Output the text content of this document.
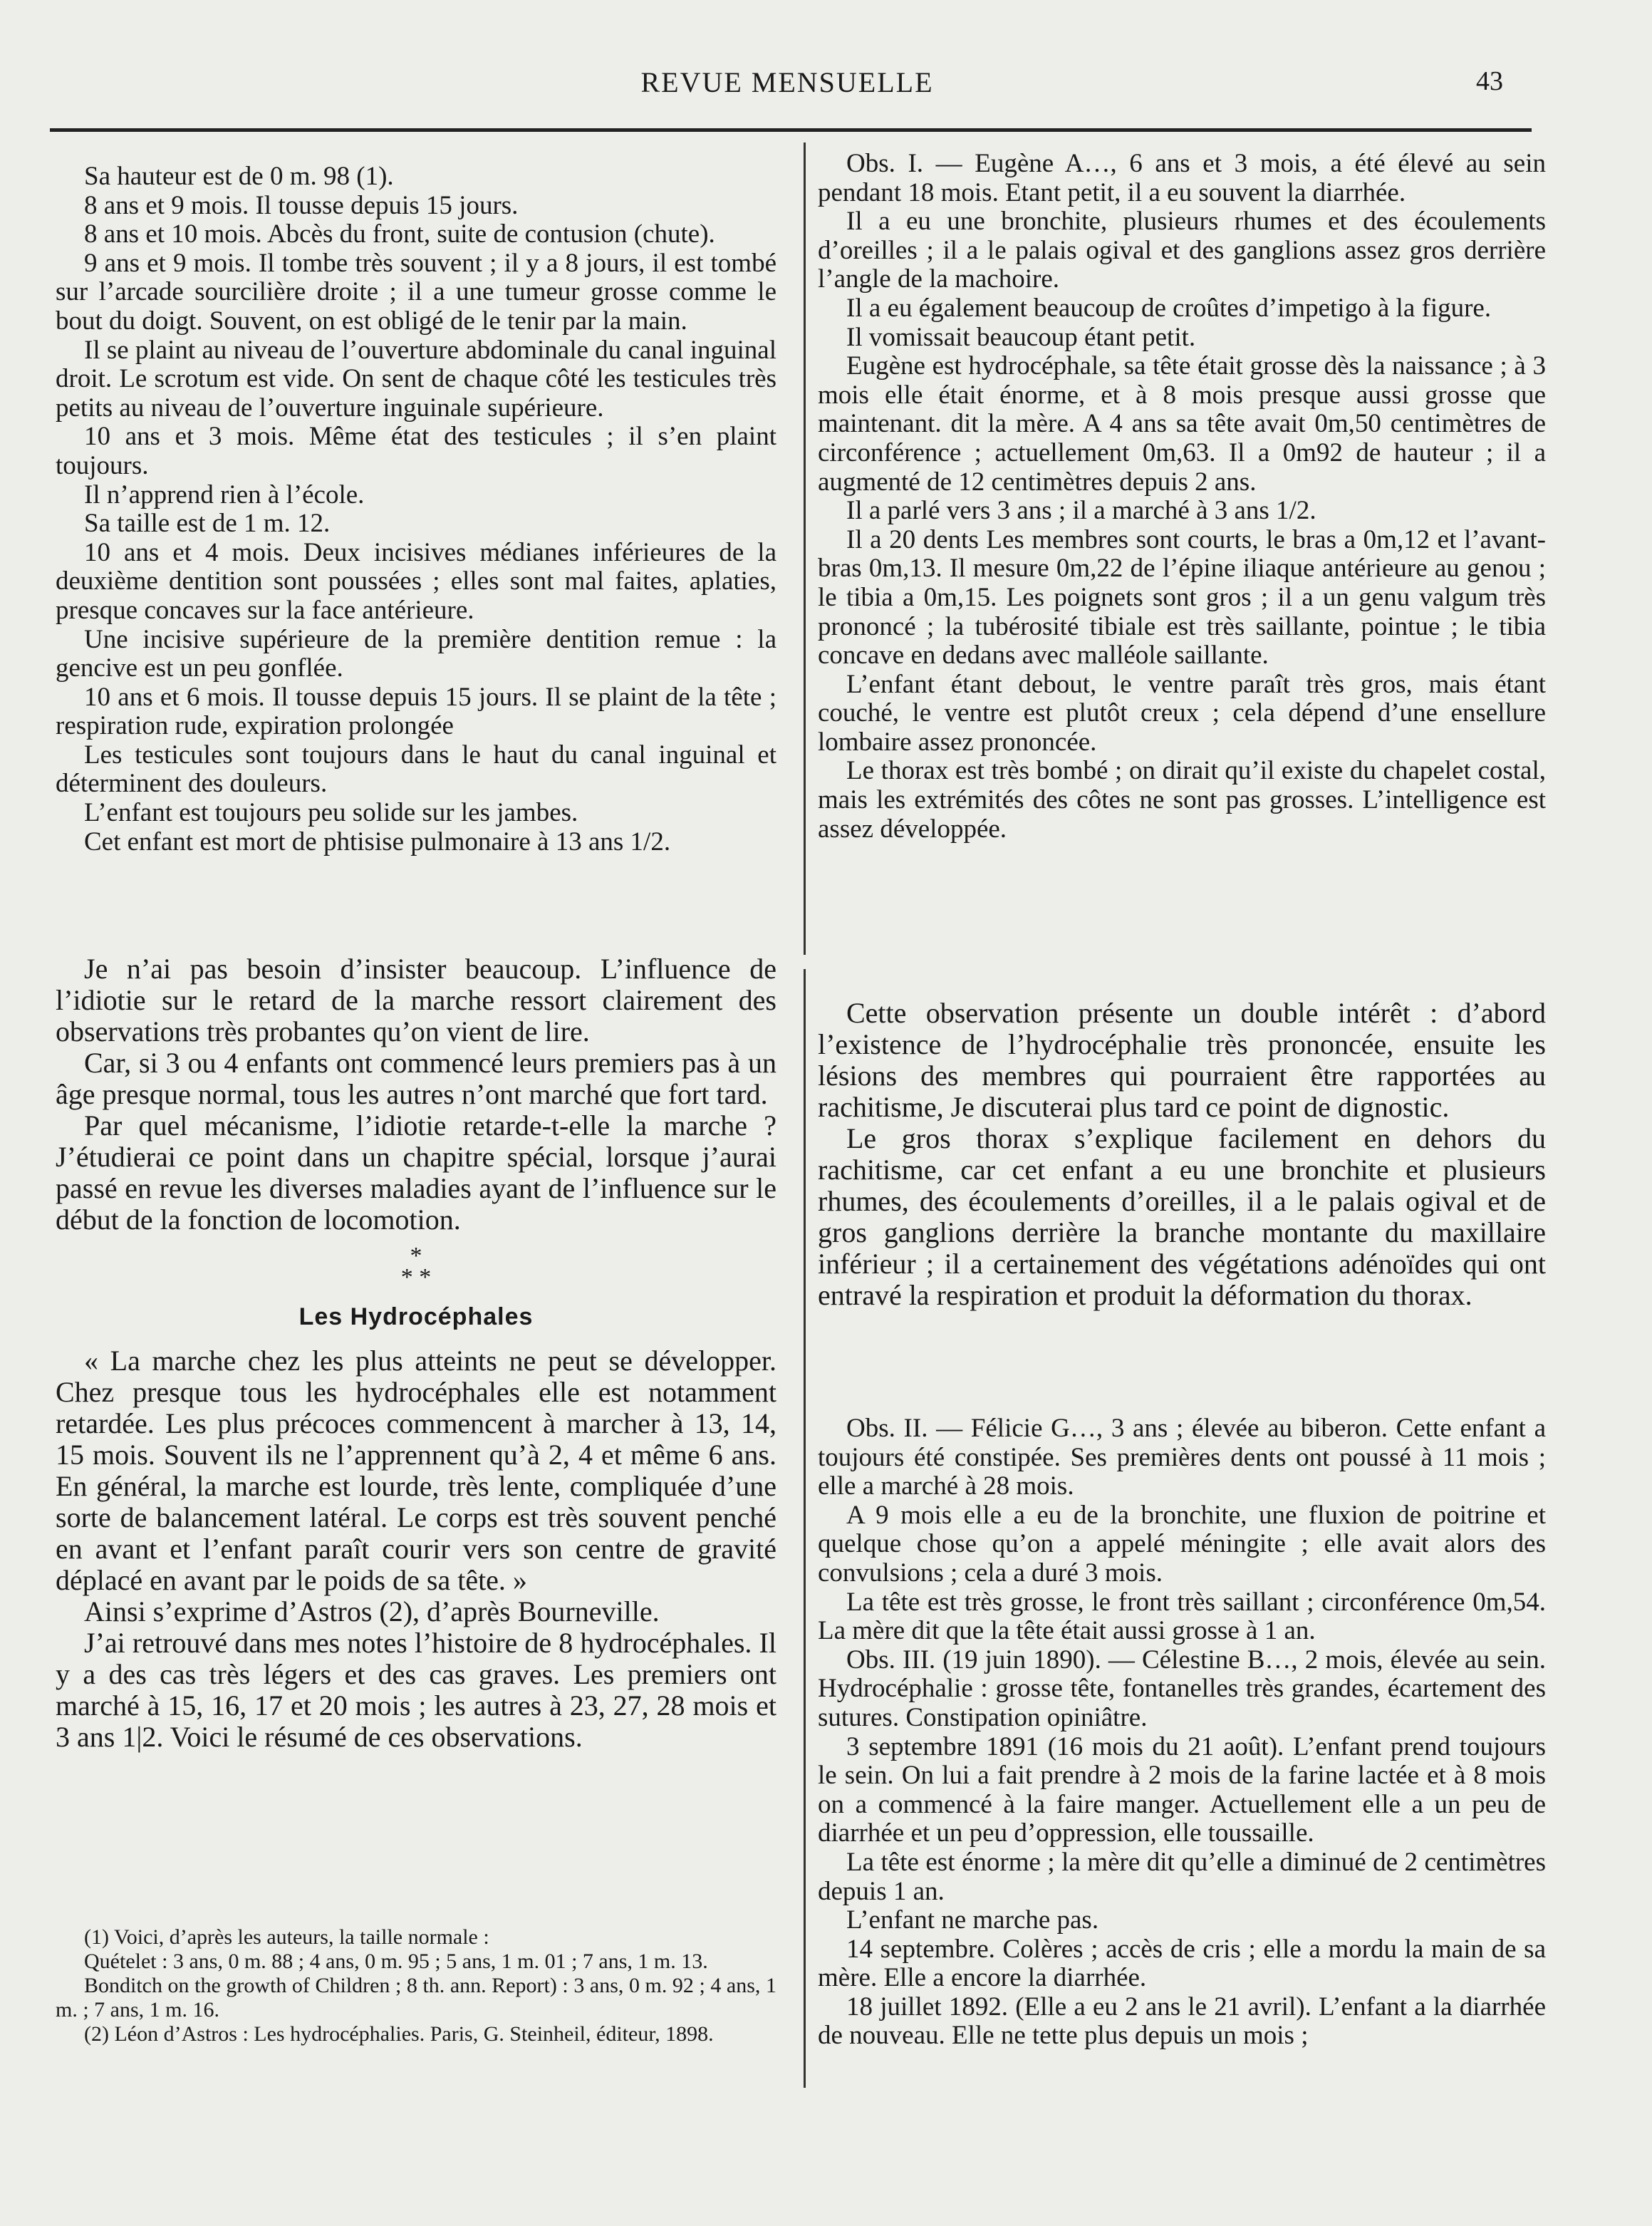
REVUE MENSUELLE	43

Sa hauteur est de 0 m. 98 (1).

8 ans et 9 mois. Il tousse depuis 15 jours.

8 ans et 10 mois. Abcès du front, suite de contusion (chute).

9 ans et 9 mois. Il tombe très souvent ; il y a 8 jours, il est tombé sur l’arcade sourcilière droite ; il a une tumeur grosse comme le bout du doigt. Souvent, on est obligé de le tenir par la main.

Il se plaint au niveau de l’ouverture abdominale du canal inguinal droit. Le scrotum est vide. On sent de chaque côté les testicules très petits au niveau de l’ouverture inguinale supérieure.

10 ans et 3 mois. Même état des testicules ; il s’en plaint toujours.

Il n’apprend rien à l’école.

Sa taille est de 1 m. 12.

10 ans et 4 mois. Deux incisives médianes inférieures de la deuxième dentition sont poussées ; elles sont mal faites, aplaties, presque concaves sur la face antérieure.

Une incisive supérieure de la première dentition remue : la gencive est un peu gonflée.

10 ans et 6 mois. Il tousse depuis 15 jours. Il se plaint de la tête ; respiration rude, expiration prolongée

Les testicules sont toujours dans le haut du canal inguinal et déterminent des douleurs.

L’enfant est toujours peu solide sur les jambes.

Cet enfant est mort de phtisise pulmonaire à 13 ans 1/2.

Je n’ai pas besoin d’insister beaucoup. L’influence de l’idiotie sur le retard de la marche ressort clairement des observations très probantes qu’on vient de lire.

Car, si 3 ou 4 enfants ont commencé leurs premiers pas à un âge presque normal, tous les autres n’ont marché que fort tard.

Par quel mécanisme, l’idiotie retarde-t-elle la marche ? J’étudierai ce point dans un chapitre spécial, lorsque j’aurai passé en revue les diverses maladies ayant de l’influence sur le début de la fonction de locomotion.

*
* *
Les Hydrocéphales

« La marche chez les plus atteints ne peut se développer. Chez presque tous les hydrocéphales elle est notamment retardée. Les plus précoces commencent à marcher à 13, 14, 15 mois. Souvent ils ne l’apprennent qu’à 2, 4 et même 6 ans. En général, la marche est lourde, très lente, compliquée d’une sorte de balancement latéral. Le corps est très souvent penché en avant et l’enfant paraît courir vers son centre de gravité déplacé en avant par le poids de sa tête. »

Ainsi s’exprime d’Astros (2), d’après Bourneville.

J’ai retrouvé dans mes notes l’histoire de 8 hydrocéphales. Il y a des cas très légers et des cas graves. Les premiers ont marché à 15, 16, 17 et 20 mois ; les autres à 23, 27, 28 mois et 3 ans 1|2. Voici le résumé de ces observations.

(1) Voici, d’après les auteurs, la taille normale :

Quételet : 3 ans, 0 m. 88 ; 4 ans, 0 m. 95 ; 5 ans, 1 m. 01 ; 7 ans, 1 m. 13.

Bonditch on the growth of Children ; 8 th. ann. Report) : 3 ans, 0 m. 92 ; 4 ans, 1 m. ; 7 ans, 1 m. 16.

(2) Léon d’Astros : Les hydrocéphalies. Paris, G. Steinheil, éditeur, 1898.

Obs. I. — Eugène A…, 6 ans et 3 mois, a été élevé au sein pendant 18 mois. Etant petit, il a eu souvent la diarrhée.

Il a eu une bronchite, plusieurs rhumes et des écoulements d’oreilles ; il a le palais ogival et des ganglions assez gros derrière l’angle de la machoire.

Il a eu également beaucoup de croûtes d’impetigo à la figure.

Il vomissait beaucoup étant petit.

Eugène est hydrocéphale, sa tête était grosse dès la naissance ; à 3 mois elle était énorme, et à 8 mois presque aussi grosse que maintenant. dit la mère. A 4 ans sa tête avait 0m,50 centimètres de circonférence ; actuellement 0m,63. Il a 0m92 de hauteur ; il a augmenté de 12 centimètres depuis 2 ans.

Il a parlé vers 3 ans ; il a marché à 3 ans 1/2.

Il a 20 dents Les membres sont courts, le bras a 0m,12 et l’avant-bras 0m,13. Il mesure 0m,22 de l’épine iliaque antérieure au genou ; le tibia a 0m,15. Les poignets sont gros ; il a un genu valgum très prononcé ; la tubérosité tibiale est très saillante, pointue ; le tibia concave en dedans avec malléole saillante.

L’enfant étant debout, le ventre paraît très gros, mais étant couché, le ventre est plutôt creux ; cela dépend d’une ensellure lombaire assez prononcée.

Le thorax est très bombé ; on dirait qu’il existe du chapelet costal, mais les extrémités des côtes ne sont pas grosses. L’intelligence est assez développée.

Cette observation présente un double intérêt : d’abord l’existence de l’hydrocéphalie très prononcée, ensuite les lésions des membres qui pourraient être rapportées au rachitisme, Je discuterai plus tard ce point de dignostic.

Le gros thorax s’explique facilement en dehors du rachitisme, car cet enfant a eu une bronchite et plusieurs rhumes, des écoulements d’oreilles, il a le palais ogival et de gros ganglions derrière la branche montante du maxillaire inférieur ; il a certainement des végétations adénoïdes qui ont entravé la respiration et produit la déformation du thorax.

Obs. II. — Félicie G…, 3 ans ; élevée au biberon. Cette enfant a toujours été constipée. Ses premières dents ont poussé à 11 mois ; elle a marché à 28 mois.

A 9 mois elle a eu de la bronchite, une fluxion de poitrine et quelque chose qu’on a appelé méningite ; elle avait alors des convulsions ; cela a duré 3 mois.

La tête est très grosse, le front très saillant ; circonférence 0m,54. La mère dit que la tête était aussi grosse à 1 an.

Obs. III. (19 juin 1890). — Célestine B…, 2 mois, élevée au sein. Hydrocéphalie : grosse tête, fontanelles très grandes, écartement des sutures. Constipation opiniâtre.

3 septembre 1891 (16 mois du 21 août). L’enfant prend toujours le sein. On lui a fait prendre à 2 mois de la farine lactée et à 8 mois on a commencé à la faire manger. Actuellement elle a un peu de diarrhée et un peu d’oppression, elle toussaille.

La tête est énorme ; la mère dit qu’elle a diminué de 2 centimètres depuis 1 an.

L’enfant ne marche pas.

14 septembre. Colères ; accès de cris ; elle a mordu la main de sa mère. Elle a encore la diarrhée.

18 juillet 1892. (Elle a eu 2 ans le 21 avril). L’enfant a la diarrhée de nouveau. Elle ne tette plus depuis un mois ;
